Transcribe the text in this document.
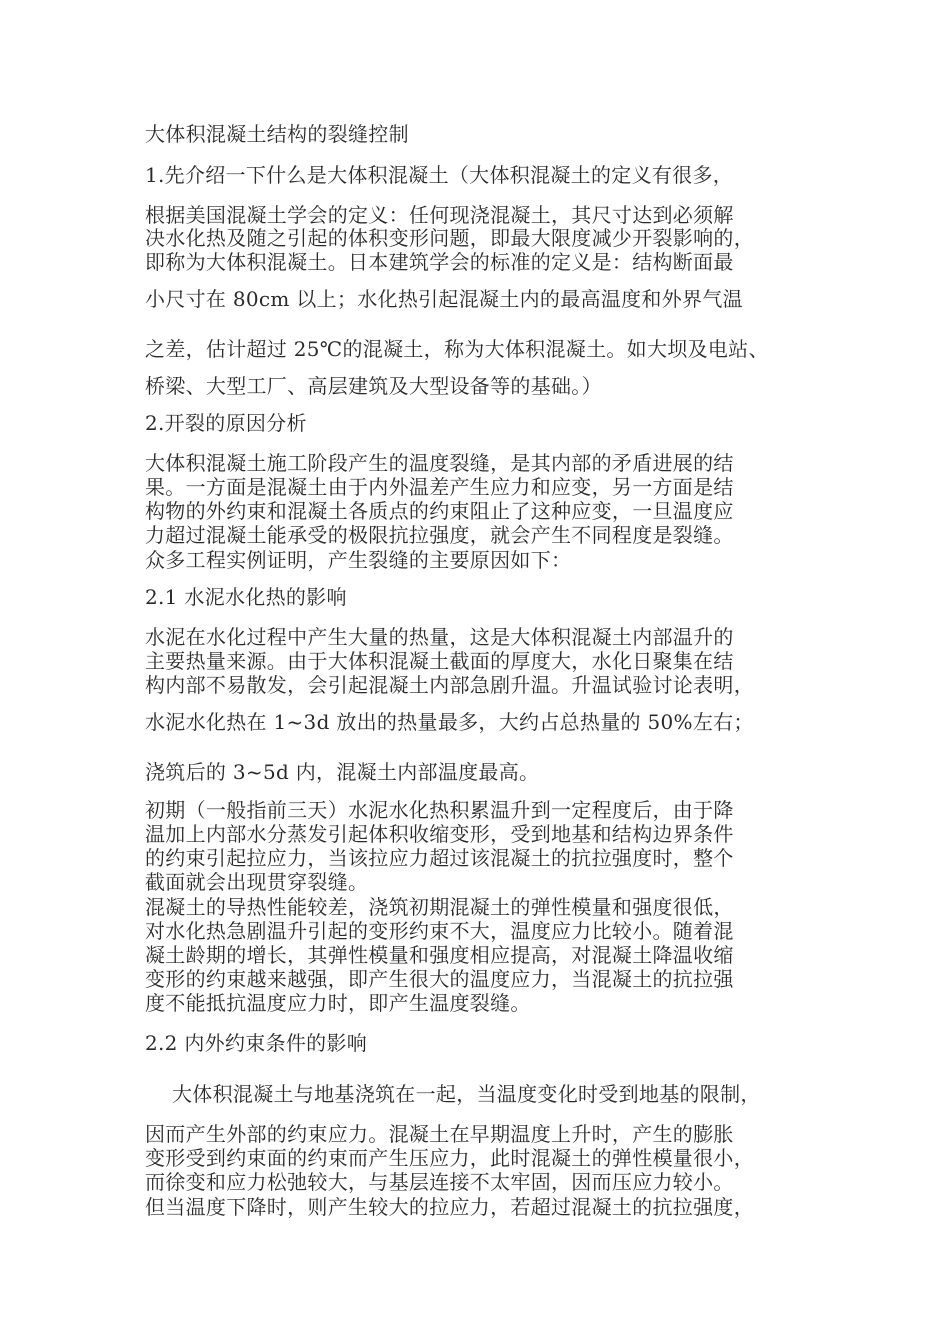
大体积混凝土结构的裂缝控制
1.先介绍一下什么是大体积混凝土（大体积混凝土的定义有很多，
根据美国混凝土学会的定义：任何现浇混凝土，其尺寸达到必须解
决水化热及随之引起的体积变形问题，即最大限度减少开裂影响的，
即称为大体积混凝土。日本建筑学会的标准的定义是：结构断面最
小尺寸在 80cm 以上；水化热引起混凝土内的最高温度和外界气温
之差，估计超过 25℃的混凝土，称为大体积混凝土。如大坝及电站、
桥梁、大型工厂、高层建筑及大型设备等的基础。）
2.开裂的原因分析
大体积混凝土施工阶段产生的温度裂缝，是其内部的矛盾进展的结
果。一方面是混凝土由于内外温差产生应力和应变，另一方面是结
构物的外约束和混凝土各质点的约束阻止了这种应变，一旦温度应
力超过混凝土能承受的极限抗拉强度，就会产生不同程度是裂缝。
众多工程实例证明，产生裂缝的主要原因如下：
2.1 水泥水化热的影响
水泥在水化过程中产生大量的热量，这是大体积混凝土内部温升的
主要热量来源。由于大体积混凝土截面的厚度大，水化日聚集在结
构内部不易散发，会引起混凝土内部急剧升温。升温试验讨论表明，
水泥水化热在 1~3d 放出的热量最多，大约占总热量的 50%左右；
浇筑后的 3~5d 内，混凝土内部温度最高。
初期（一般指前三天）水泥水化热积累温升到一定程度后，由于降
温加上内部水分蒸发引起体积收缩变形，受到地基和结构边界条件
的约束引起拉应力，当该拉应力超过该混凝土的抗拉强度时，整个
截面就会出现贯穿裂缝。
混凝土的导热性能较差，浇筑初期混凝土的弹性模量和强度很低，
对水化热急剧温升引起的变形约束不大，温度应力比较小。随着混
凝土龄期的增长，其弹性模量和强度相应提高，对混凝土降温收缩
变形的约束越来越强，即产生很大的温度应力，当混凝土的抗拉强
度不能抵抗温度应力时，即产生温度裂缝。
2.2 内外约束条件的影响
大体积混凝土与地基浇筑在一起，当温度变化时受到地基的限制，
因而产生外部的约束应力。混凝土在早期温度上升时，产生的膨胀
变形受到约束面的约束而产生压应力，此时混凝土的弹性模量很小，
而徐变和应力松弛较大，与基层连接不太牢固，因而压应力较小。
但当温度下降时，则产生较大的拉应力，若超过混凝土的抗拉强度，
